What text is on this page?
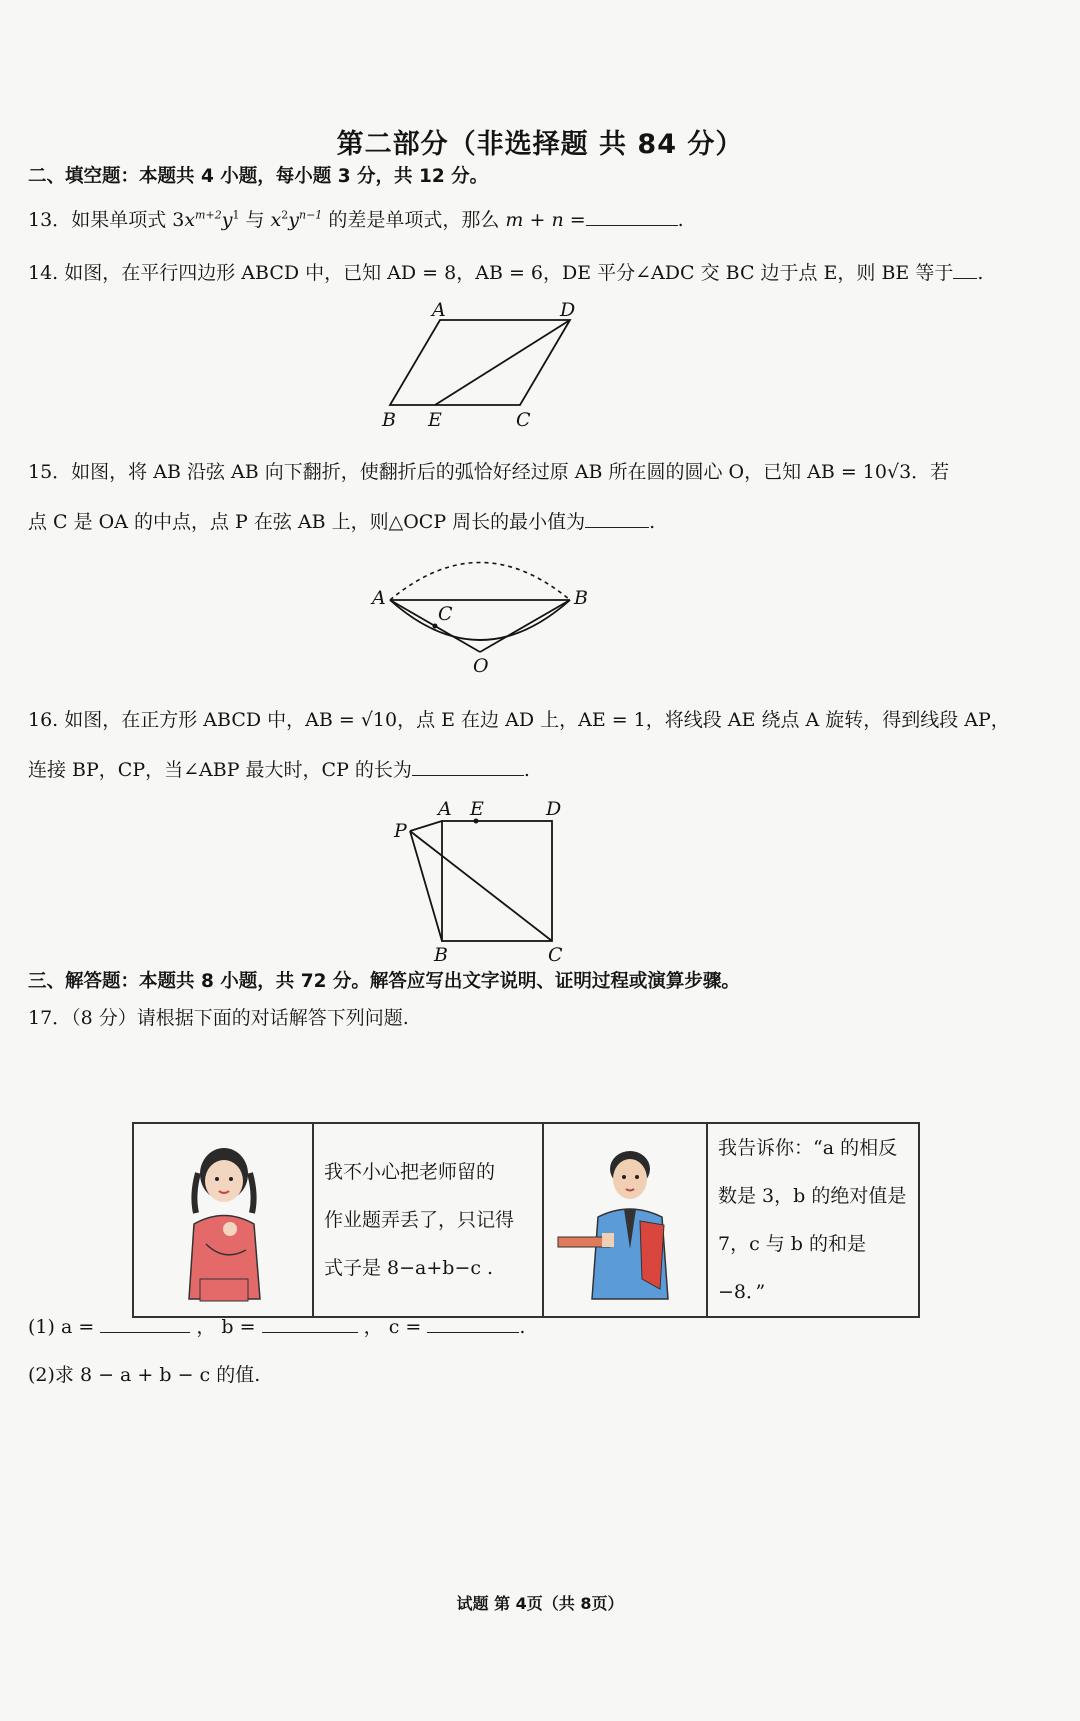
第二部分（非选择题 共 84 分）
二、填空题：本题共 4 小题，每小题 3 分，共 12 分。
13．如果单项式 $3x^{m+2}y^1$ 与 $x^2y^{n-1}$ 的差是单项式，那么 m + n =	.
14. 如图，在平行四边形 ABCD 中，已知 AD = 8，AB = 6，DE 平分∠ADC 交 BC 边于点 E，则 BE 等于 .
A	D
B E	C
15．如图，将 AB 沿弦 AB 向下翻折，使翻折后的弧恰好经过原 AB 所在圆的圆心 O，已知 AB = 10√3．若
点 C 是 OA 的中点，点 P 在弦 AB 上，则△OCP 周长的最小值为	.
A	B
C
O
16. 如图，在正方形 ABCD 中，AB = √10，点 E 在边 AD 上，AE = 1，将线段 AE 绕点 A 旋转，得到线段 AP，
连接 BP，CP，当∠ABP 最大时，CP 的长为	.
P
A E	D
B	C
三、解答题：本题共 8 小题，共 72 分。解答应写出文字说明、证明过程或演算步骤。
17．（8 分）请根据下面的对话解答下列问题.

我不小心把老师留的
作业题弄丢了，只记得
式子是 8−a+b−c .

我告诉你：“a 的相反
数是 3，b 的绝对值是
7，c 与 b 的和是 −8．”
(1) a =	， b =	， c =	.
(2)求 8 − a + b − c 的值.
试题 第 4页（共 8页）
